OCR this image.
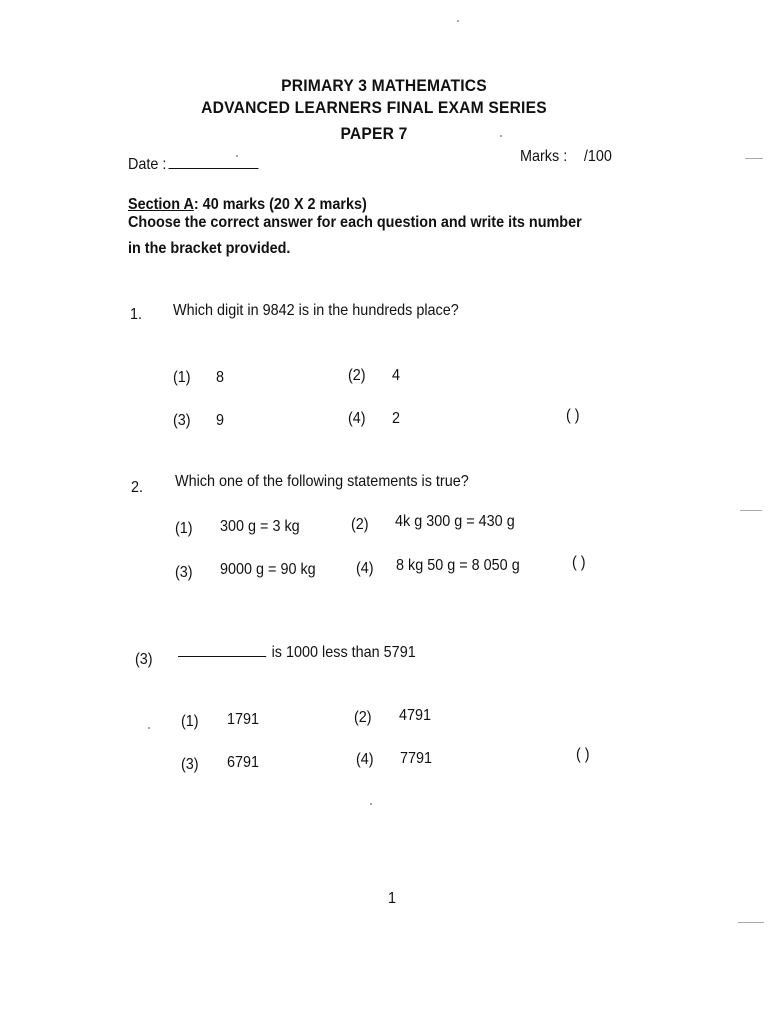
PRIMARY 3 MATHEMATICS
ADVANCED LEARNERS FINAL EXAM SERIES
PAPER 7
Date :	Marks : /100
Section A: 40 marks (20 X 2 marks)
Choose the correct answer for each question and write its number
in the bracket provided.
1. Which digit in 9842 is in the hundreds place?
(1) 8	(2) 4
(3) 9	(4) 2	( )
2. Which one of the following statements is true?
(1) 300 g = 3 kg	(2) 4k g 300 g = 430 g
(3) 9000 g = 90 kg	(4) 8 kg 50 g = 8 050 g	( )
(3)	is 1000 less than 5791
(1) 1791	(2) 4791
(3) 6791	(4) 7791	( )
1
